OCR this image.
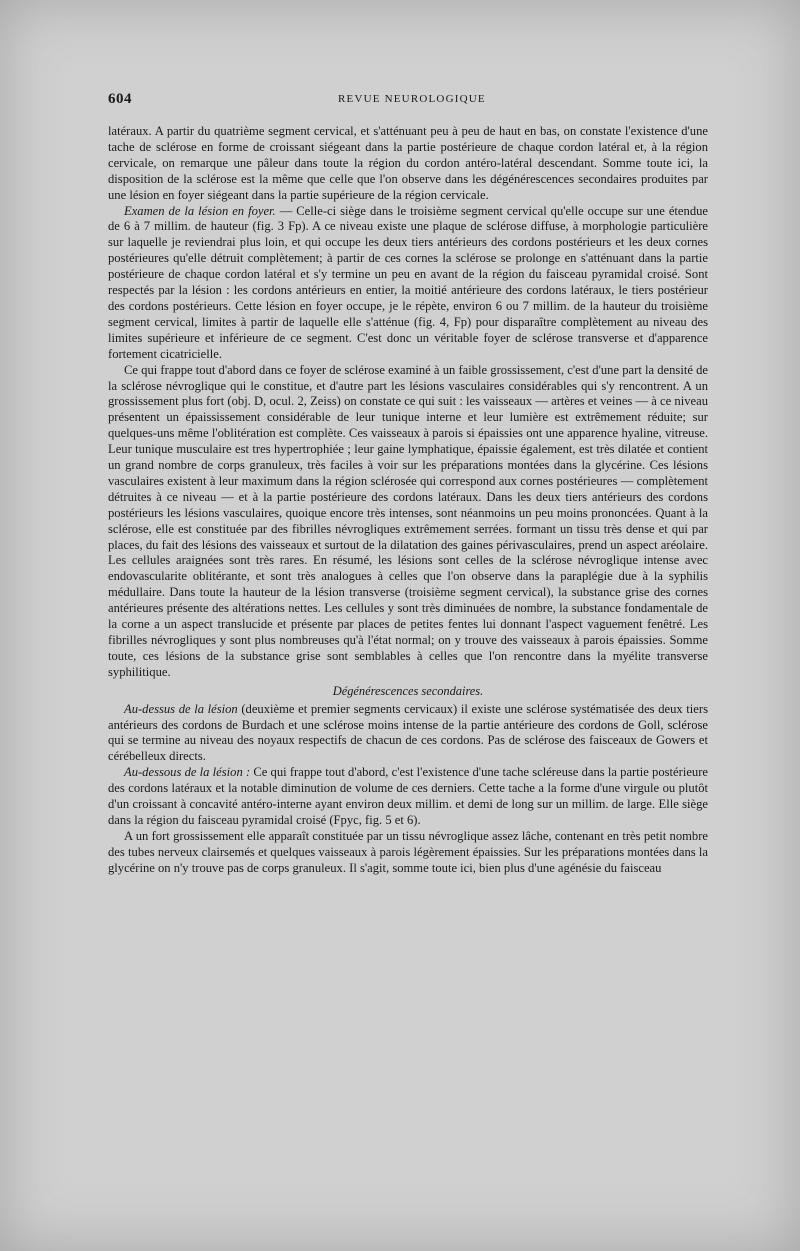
604	REVUE NEUROLOGIQUE

latéraux. A partir du quatrième segment cervical, et s'atténuant peu à peu de haut en bas, on constate l'existence d'une tache de sclérose en forme de croissant siégeant dans la partie postérieure de chaque cordon latéral et, à la région cervicale, on remarque une pâleur dans toute la région du cordon antéro-latéral descendant. Somme toute ici, la disposition de la sclérose est la même que celle que l'on observe dans les dégénérescences secondaires produites par une lésion en foyer siégeant dans la partie supérieure de la région cervicale.

Examen de la lésion en foyer. — Celle-ci siège dans le troisième segment cervical qu'elle occupe sur une étendue de 6 à 7 millim. de hauteur (fig. 3 Fp). A ce niveau existe une plaque de sclérose diffuse, à morphologie particulière sur laquelle je reviendrai plus loin, et qui occupe les deux tiers antérieurs des cordons postérieurs et les deux cornes postérieures qu'elle détruit complètement; à partir de ces cornes la sclérose se prolonge en s'atténuant dans la partie postérieure de chaque cordon latéral et s'y termine un peu en avant de la région du faisceau pyramidal croisé. Sont respectés par la lésion : les cordons antérieurs en entier, la moitié antérieure des cordons latéraux, le tiers postérieur des cordons postérieurs. Cette lésion en foyer occupe, je le répète, environ 6 ou 7 millim. de la hauteur du troisième segment cervical, limites à partir de laquelle elle s'atténue (fig. 4, Fp) pour disparaître complètement au niveau des limites supérieure et inférieure de ce segment. C'est donc un véritable foyer de sclérose transverse et d'apparence fortement cicatricielle.

Ce qui frappe tout d'abord dans ce foyer de sclérose examiné à un faible grossissement, c'est d'une part la densité de la sclérose névroglique qui le constitue, et d'autre part les lésions vasculaires considérables qui s'y rencontrent. A un grossissement plus fort (obj. D, ocul. 2, Zeiss) on constate ce qui suit : les vaisseaux — artères et veines — à ce niveau présentent un épaississement considérable de leur tunique interne et leur lumière est extrêmement réduite; sur quelques-uns même l'oblitération est complète. Ces vaisseaux à parois si épaissies ont une apparence hyaline, vitreuse. Leur tunique musculaire est tres hypertrophiée ; leur gaine lymphatique, épaissie également, est très dilatée et contient un grand nombre de corps granuleux, très faciles à voir sur les préparations montées dans la glycérine. Ces lésions vasculaires existent à leur maximum dans la région sclérosée qui correspond aux cornes postérieures — complètement détruites à ce niveau — et à la partie postérieure des cordons latéraux. Dans les deux tiers antérieurs des cordons postérieurs les lésions vasculaires, quoique encore très intenses, sont néanmoins un peu moins prononcées. Quant à la sclérose, elle est constituée par des fibrilles névrogliques extrêmement serrées. formant un tissu très dense et qui par places, du fait des lésions des vaisseaux et surtout de la dilatation des gaines périvasculaires, prend un aspect aréolaire. Les cellules araignées sont très rares. En résumé, les lésions sont celles de la sclérose névroglique intense avec endovascularite oblitérante, et sont très analogues à celles que l'on observe dans la paraplégie due à la syphilis médullaire. Dans toute la hauteur de la lésion transverse (troisième segment cervical), la substance grise des cornes antérieures présente des altérations nettes. Les cellules y sont très diminuées de nombre, la substance fondamentale de la corne a un aspect translucide et présente par places de petites fentes lui donnant l'aspect vaguement fenêtré. Les fibrilles névrogliques y sont plus nombreuses qu'à l'état normal; on y trouve des vaisseaux à parois épaissies. Somme toute, ces lésions de la substance grise sont semblables à celles que l'on rencontre dans la myélite transverse syphilitique.

Dégénérescences secondaires.

Au-dessus de la lésion (deuxième et premier segments cervicaux) il existe une sclérose systématisée des deux tiers antérieurs des cordons de Burdach et une sclérose moins intense de la partie antérieure des cordons de Goll, sclérose qui se termine au niveau des noyaux respectifs de chacun de ces cordons. Pas de sclérose des faisceaux de Gowers et cérébelleux directs.

Au-dessous de la lésion : Ce qui frappe tout d'abord, c'est l'existence d'une tache scléreuse dans la partie postérieure des cordons latéraux et la notable diminution de volume de ces derniers. Cette tache a la forme d'une virgule ou plutôt d'un croissant à concavité antéro-interne ayant environ deux millim. et demi de long sur un millim. de large. Elle siège dans la région du faisceau pyramidal croisé (Fpyc, fig. 5 et 6).

A un fort grossissement elle apparaît constituée par un tissu névroglique assez lâche, contenant en très petit nombre des tubes nerveux clairsemés et quelques vaisseaux à parois légèrement épaissies. Sur les préparations montées dans la glycérine on n'y trouve pas de corps granuleux. Il s'agit, somme toute ici, bien plus d'une agénésie du faisceau
